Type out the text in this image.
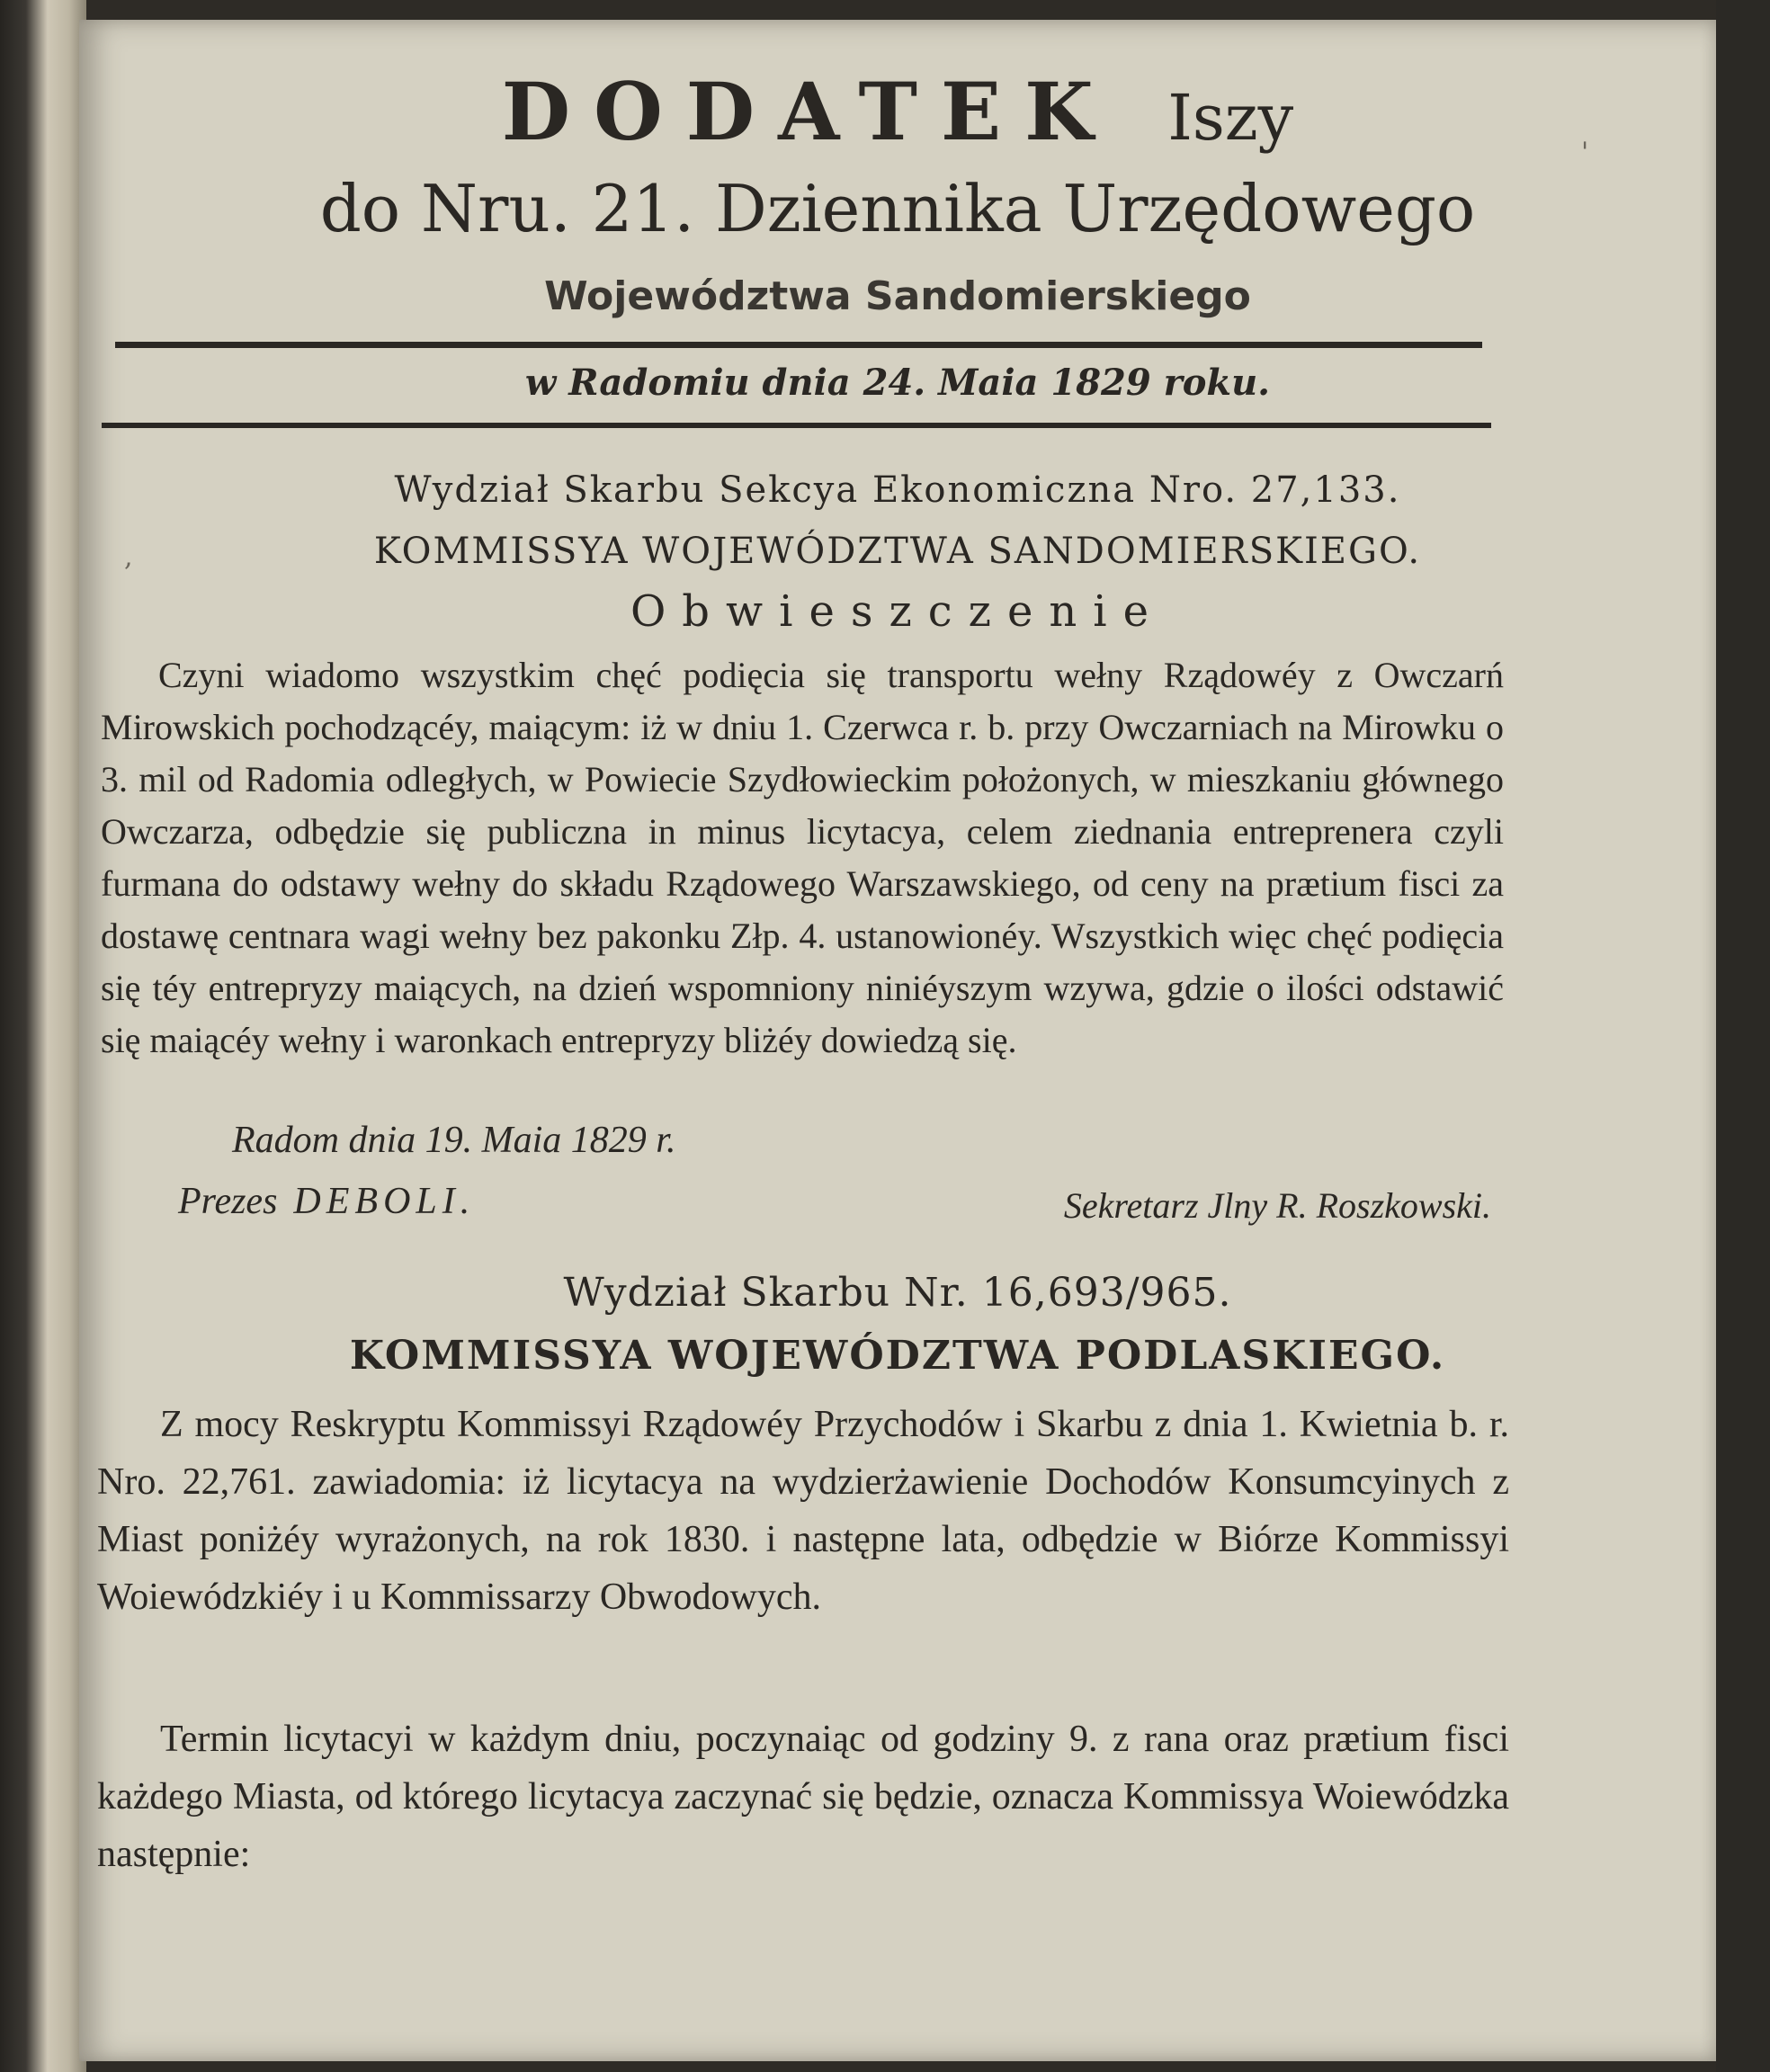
DODATEK Iszy
do Nru. 21. Dziennika Urzędowego
Województwa Sandomierskiego
w Radomiu dnia 24. Maia 1829 roku.
Wydział Skarbu Sekcya Ekonomiczna Nro. 27,133.
KOMMISSYA WOJEWÓDZTWA SANDOMIERSKIEGO.
Obwieszczenie
Czyni wiadomo wszystkim chęć podięcia się transportu wełny Rządowéy z Owczarń Mirowskich pochodzącéy, maiącym: iż w dniu 1. Czerwca r. b. przy Owczarniach na Mirowku o 3. mil od Radomia odległych, w Powiecie Szydłowieckim położonych, w mieszkaniu głównego Owczarza, odbędzie się publiczna in minus licytacya, celem ziednania entreprenera czyli furmana do odstawy wełny do składu Rządowego Warszawskiego, od ceny na prætium fisci za dostawę centnara wagi wełny bez pakonku Złp. 4. ustanowionéy. Wszystkich więc chęć podięcia się téy entrepryzy maiących, na dzień wspomniony niniéyszym wzywa, gdzie o ilości odstawić się maiącéy wełny i waronkach entrepryzy bliżéy dowiedzą się.
Radom dnia 19. Maia 1829 r.
Prezes DEBOLI.	Sekretarz Jlny R. Roszkowski.
Wydział Skarbu Nr. 16,693/965.
KOMMISSYA WOJEWÓDZTWA PODLASKIEGO.
Z mocy Reskryptu Kommissyi Rządowéy Przychodów i Skarbu z dnia 1. Kwietnia b. r. Nro. 22,761. zawiadomia: iż licytacya na wydzierżawienie Dochodów Konsumcyinych z Miast poniżéy wyrażonych, na rok 1830. i następne lata, odbędzie w Biórze Kommissyi Woiewódzkiéy i u Kommissarzy Obwodowych.
Termin licytacyi w każdym dniu, poczynaiąc od godziny 9. z rana oraz prætium fisci każdego Miasta, od którego licytacya zaczynać się będzie, oznacza Kommissya Woiewódzka następnie:
'
,
